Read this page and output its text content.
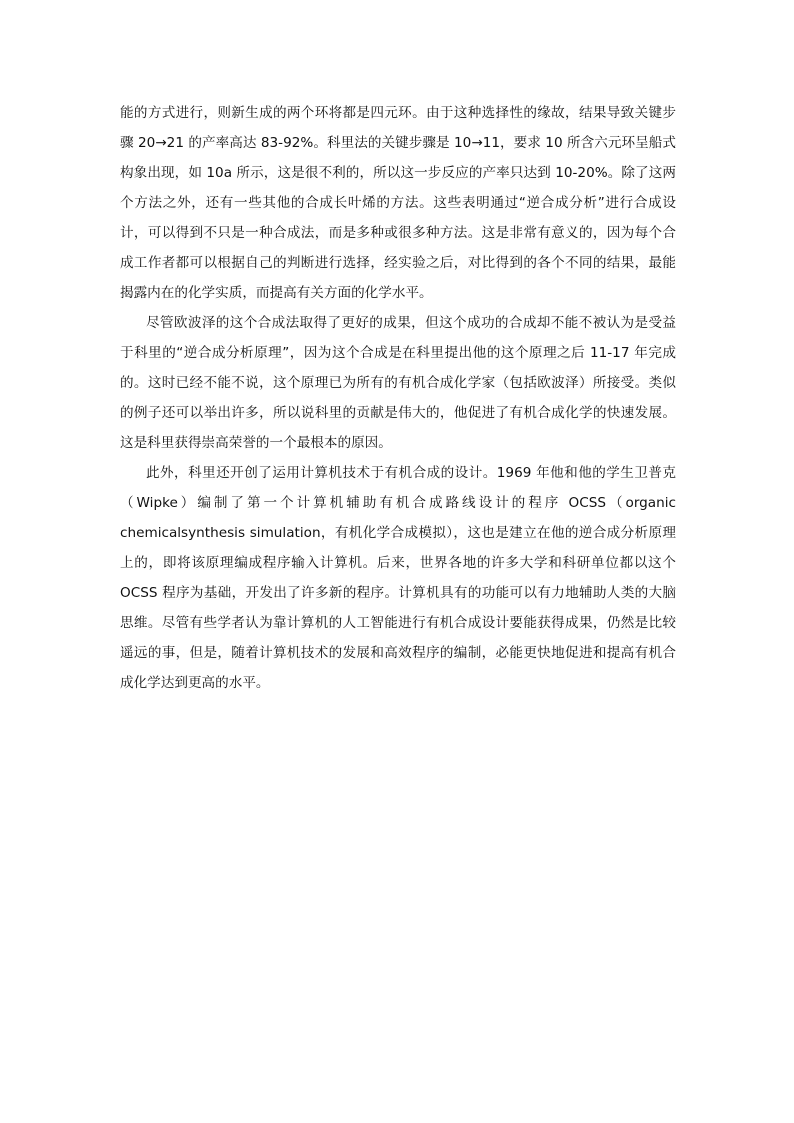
能的方式进行，则新生成的两个环将都是四元环。由于这种选择性的缘故，结果导致关键步骤 20→21 的产率高达 83-92%。科里法的关键步骤是 10→11，要求 10 所含六元环呈船式构象出现，如 10a 所示，这是很不利的，所以这一步反应的产率只达到 10-20%。除了这两个方法之外，还有一些其他的合成长叶烯的方法。这些表明通过“逆合成分析”进行合成设计，可以得到不只是一种合成法，而是多种或很多种方法。这是非常有意义的，因为每个合成工作者都可以根据自己的判断进行选择，经实验之后，对比得到的各个不同的结果，最能揭露内在的化学实质，而提高有关方面的化学水平。

尽管欧波泽的这个合成法取得了更好的成果，但这个成功的合成却不能不被认为是受益于科里的“逆合成分析原理”，因为这个合成是在科里提出他的这个原理之后 11-17 年完成的。这时已经不能不说，这个原理已为所有的有机合成化学家（包括欧波泽）所接受。类似的例子还可以举出许多，所以说科里的贡献是伟大的，他促进了有机合成化学的快速发展。这是科里获得崇高荣誉的一个最根本的原因。

此外，科里还开创了运用计算机技术于有机合成的设计。1969 年他和他的学生卫普克（Wipke）编制了第一个计算机辅助有机合成路线设计的程序 OCSS（organic chemicalsynthesis simulation，有机化学合成模拟），这也是建立在他的逆合成分析原理上的，即将该原理编成程序输入计算机。后来，世界各地的许多大学和科研单位都以这个 OCSS 程序为基础，开发出了许多新的程序。计算机具有的功能可以有力地辅助人类的大脑思维。尽管有些学者认为靠计算机的人工智能进行有机合成设计要能获得成果，仍然是比较遥远的事，但是，随着计算机技术的发展和高效程序的编制，必能更快地促进和提高有机合成化学达到更高的水平。
